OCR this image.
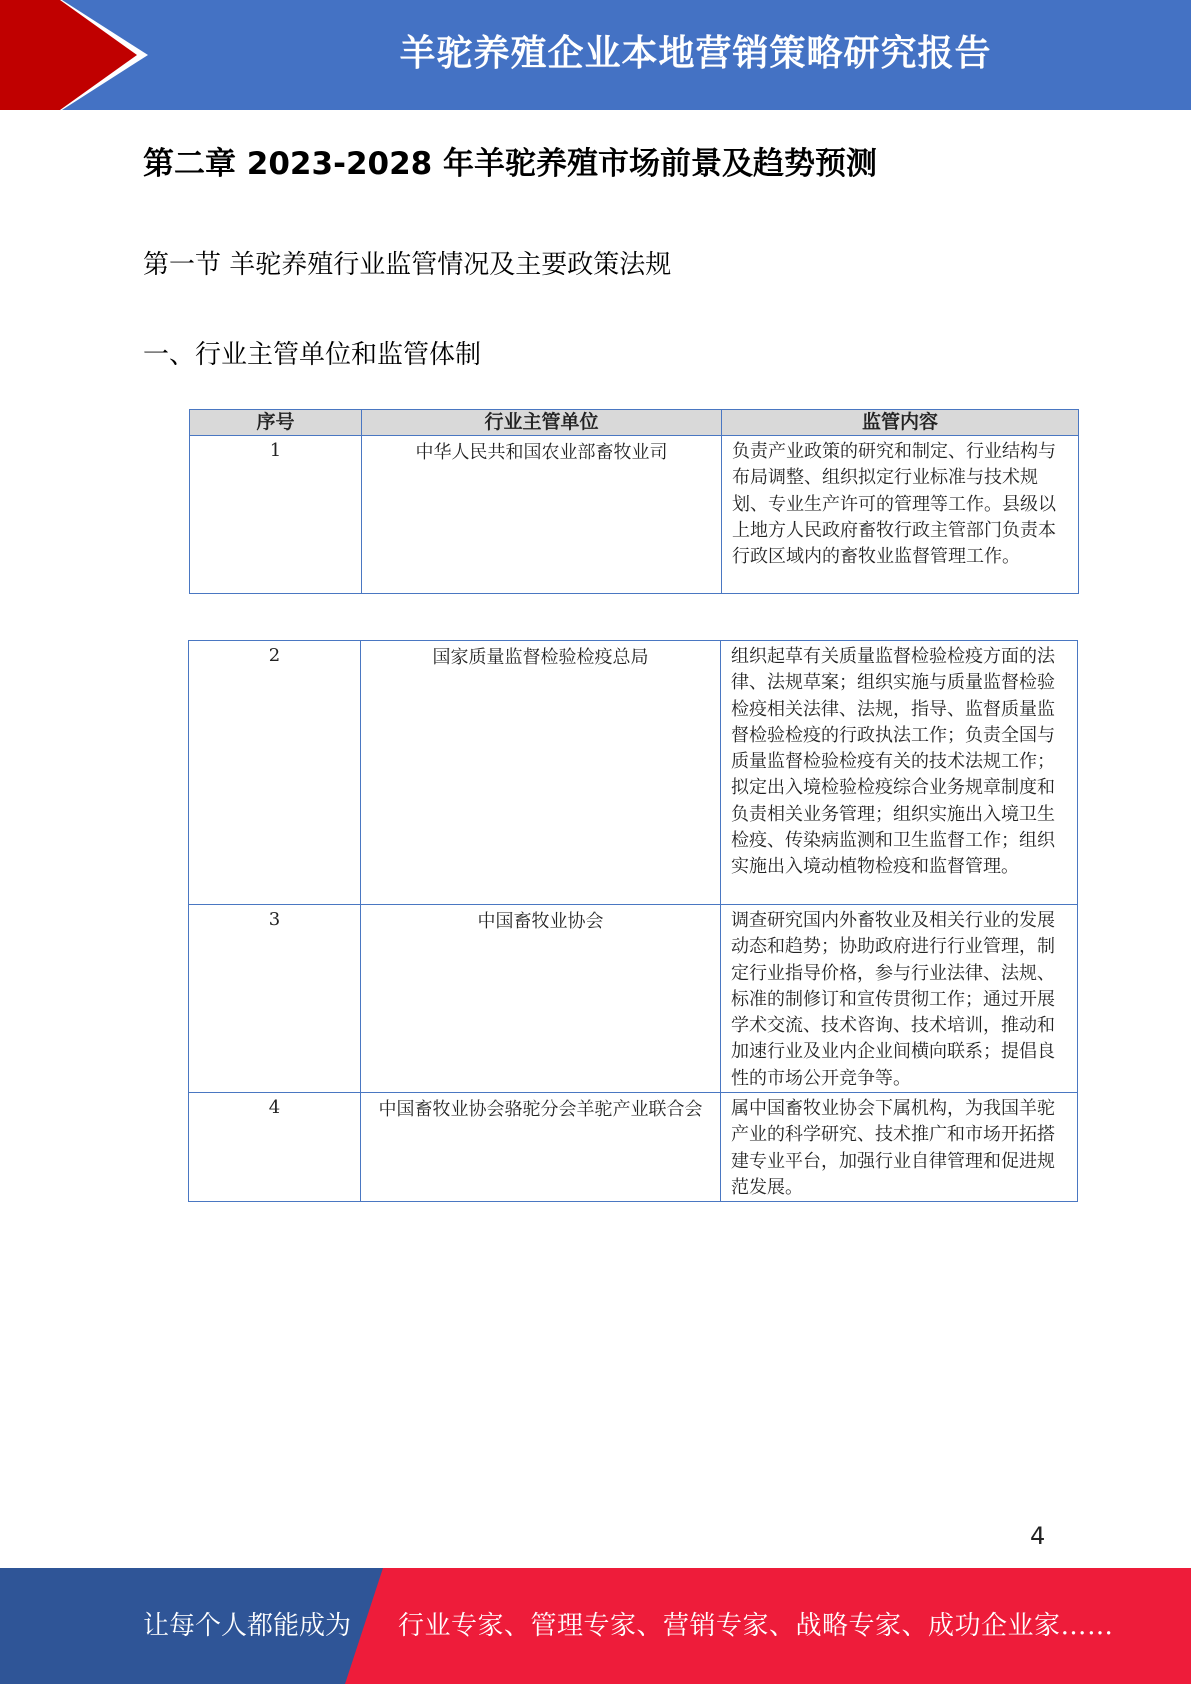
羊驼养殖企业本地营销策略研究报告
第二章 2023-2028 年羊驼养殖市场前景及趋势预测
第一节 羊驼养殖行业监管情况及主要政策法规
一、行业主管单位和监管体制
序号	行业主管单位	监管内容
1	中华人民共和国农业部畜牧业司	负责产业政策的研究和制定、行业结构与布局调整、组织拟定行业标准与技术规划、专业生产许可的管理等工作。县级以上地方人民政府畜牧行政主管部门负责本行政区域内的畜牧业监督管理工作。
2	国家质量监督检验检疫总局	组织起草有关质量监督检验检疫方面的法律、法规草案；组织实施与质量监督检验检疫相关法律、法规，指导、监督质量监督检验检疫的行政执法工作；负责全国与质量监督检验检疫有关的技术法规工作；拟定出入境检验检疫综合业务规章制度和负责相关业务管理；组织实施出入境卫生检疫、传染病监测和卫生监督工作；组织实施出入境动植物检疫和监督管理。
3	中国畜牧业协会	调查研究国内外畜牧业及相关行业的发展动态和趋势；协助政府进行行业管理，制定行业指导价格，参与行业法律、法规、标准的制修订和宣传贯彻工作；通过开展学术交流、技术咨询、技术培训，推动和加速行业及业内企业间横向联系；提倡良性的市场公开竞争等。
4	中国畜牧业协会骆驼分会羊驼产业联合会	属中国畜牧业协会下属机构，为我国羊驼产业的科学研究、技术推广和市场开拓搭建专业平台，加强行业自律管理和促进规范发展。
4
让每个人都能成为 行业专家、管理专家、营销专家、战略专家、成功企业家……
